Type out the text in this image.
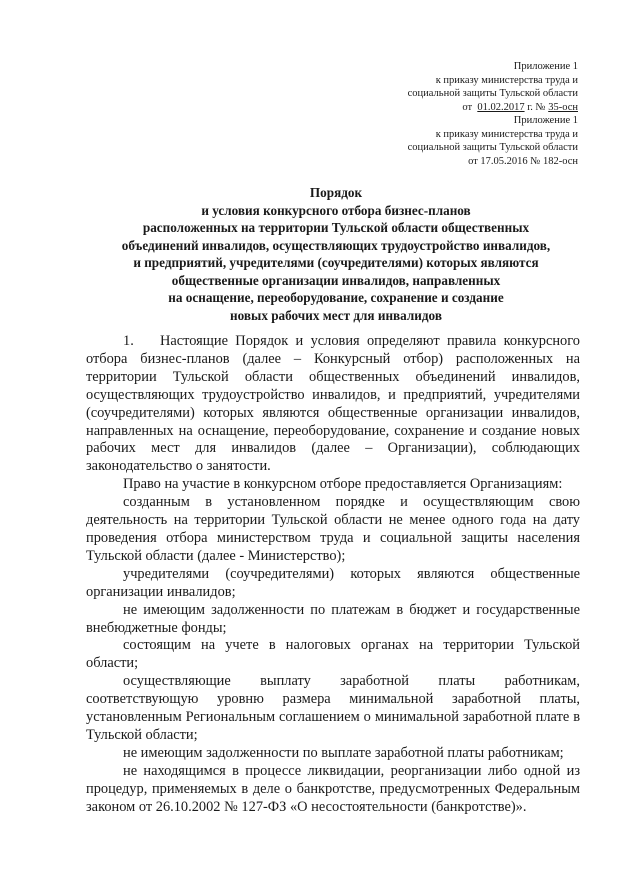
Приложение 1

к приказу министерства труда и

социальной защиты Тульской области

от 01.02.2017 г. № 35-осн

Приложение 1

к приказу министерства труда и

социальной защиты Тульской области

от 17.05.2016 № 182-осн

Порядок

и условия конкурсного отбора бизнес-планов

расположенных на территории Тульской области общественных

объединений инвалидов, осуществляющих трудоустройство инвалидов,

и предприятий, учредителями (соучредителями) которых являются

общественные организации инвалидов, направленных

на оснащение, переоборудование, сохранение и создание

новых рабочих мест для инвалидов

1. Настоящие Порядок и условия определяют правила конкурсного отбора бизнес-планов (далее – Конкурсный отбор) расположенных на территории Тульской области общественных объединений инвалидов, осуществляющих трудоустройство инвалидов, и предприятий, учредителями (соучредителями) которых являются общественные организации инвалидов, направленных на оснащение, переоборудование, сохранение и создание новых рабочих мест для инвалидов (далее – Организации), соблюдающих законодательство о занятости.

Право на участие в конкурсном отборе предоставляется Организациям:

созданным в установленном порядке и осуществляющим свою деятельность на территории Тульской области не менее одного года на дату проведения отбора министерством труда и социальной защиты населения Тульской области (далее - Министерство);

учредителями (соучредителями) которых являются общественные организации инвалидов;

не имеющим задолженности по платежам в бюджет и государственные внебюджетные фонды;

состоящим на учете в налоговых органах на территории Тульской области;

осуществляющие выплату заработной платы работникам, соответствующую уровню размера минимальной заработной платы, установленным Региональным соглашением о минимальной заработной плате в Тульской области;

не имеющим задолженности по выплате заработной платы работникам;

не находящимся в процессе ликвидации, реорганизации либо одной из процедур, применяемых в деле о банкротстве, предусмотренных Федеральным законом от 26.10.2002 № 127-ФЗ «О несостоятельности (банкротстве)».
